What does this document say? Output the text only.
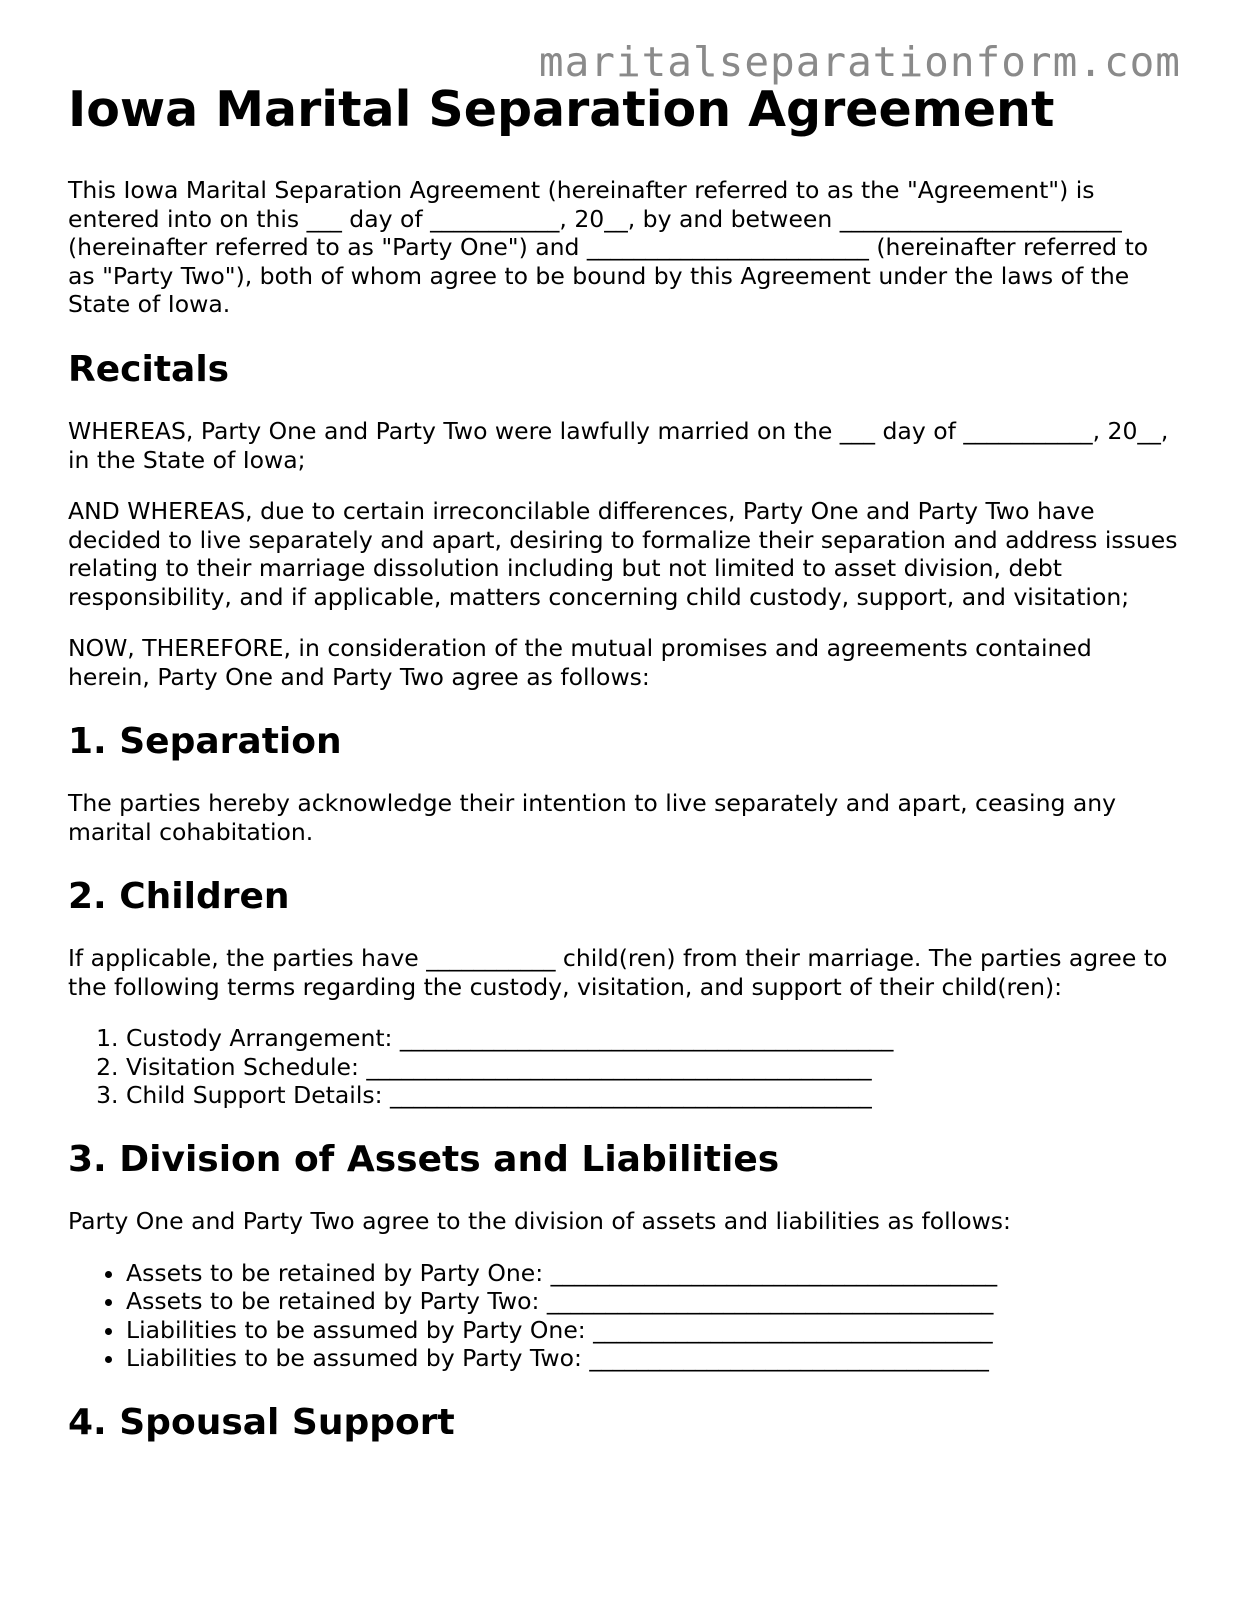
maritalseparationform.com
Iowa Marital Separation Agreement

This Iowa Marital Separation Agreement (hereinafter referred to as the "Agreement") is entered into on this ___ day of ___________, 20__, by and between ________________________ (hereinafter referred to as "Party One") and ________________________ (hereinafter referred to as "Party Two"), both of whom agree to be bound by this Agreement under the laws of the State of Iowa.

Recitals

WHEREAS, Party One and Party Two were lawfully married on the ___ day of ___________, 20__, in the State of Iowa;

AND WHEREAS, due to certain irreconcilable differences, Party One and Party Two have decided to live separately and apart, desiring to formalize their separation and address issues relating to their marriage dissolution including but not limited to asset division, debt responsibility, and if applicable, matters concerning child custody, support, and visitation;

NOW, THEREFORE, in consideration of the mutual promises and agreements contained herein, Party One and Party Two agree as follows:

1. Separation

The parties hereby acknowledge their intention to live separately and apart, ceasing any marital cohabitation.

2. Children

If applicable, the parties have ___________ child(ren) from their marriage. The parties agree to the following terms regarding the custody, visitation, and support of their child(ren):

1. Custody Arrangement: __________________________________________
2. Visitation Schedule: ___________________________________________
3. Child Support Details: _________________________________________
3. Division of Assets and Liabilities

Party One and Party Two agree to the division of assets and liabilities as follows:

• Assets to be retained by Party One: ______________________________________
• Assets to be retained by Party Two: ______________________________________
• Liabilities to be assumed by Party One: __________________________________
• Liabilities to be assumed by Party Two: __________________________________
4. Spousal Support
